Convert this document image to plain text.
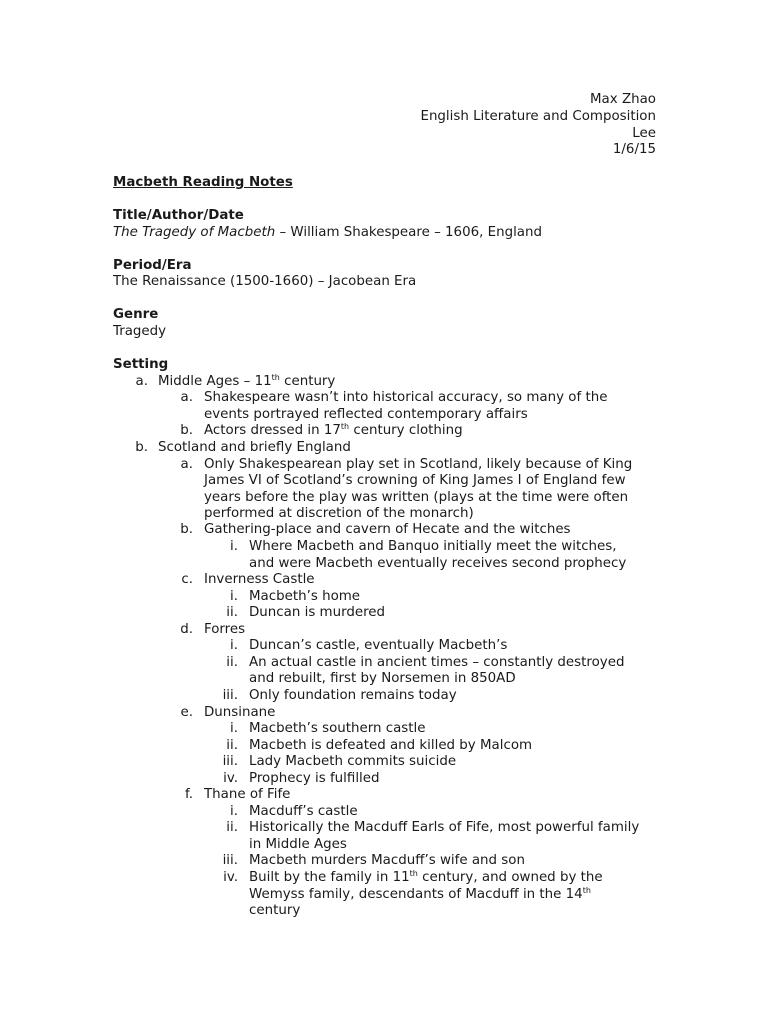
Max Zhao
English Literature and Composition
Lee
1/6/15
Macbeth Reading Notes
Title/Author/Date
The Tragedy of Macbeth – William Shakespeare – 1606, England
Period/Era
The Renaissance (1500-1660) – Jacobean Era
Genre
Tragedy
Setting
a. Middle Ages – 11th century
a. Shakespeare wasn’t into historical accuracy, so many of the
events portrayed reflected contemporary affairs
b. Actors dressed in 17th century clothing
b. Scotland and briefly England
a. Only Shakespearean play set in Scotland, likely because of King
James VI of Scotland’s crowning of King James I of England few
years before the play was written (plays at the time were often
performed at discretion of the monarch)
b. Gathering-place and cavern of Hecate and the witches
i. Where Macbeth and Banquo initially meet the witches,
and were Macbeth eventually receives second prophecy
c. Inverness Castle
i. Macbeth’s home
ii. Duncan is murdered
d. Forres
i. Duncan’s castle, eventually Macbeth’s
ii. An actual castle in ancient times – constantly destroyed
and rebuilt, first by Norsemen in 850AD
iii. Only foundation remains today
e. Dunsinane
i. Macbeth’s southern castle
ii. Macbeth is defeated and killed by Malcom
iii. Lady Macbeth commits suicide
iv. Prophecy is fulfilled
f. Thane of Fife
i. Macduff’s castle
ii. Historically the Macduff Earls of Fife, most powerful family
in Middle Ages
iii. Macbeth murders Macduff’s wife and son
iv. Built by the family in 11th century, and owned by the
Wemyss family, descendants of Macduff in the 14th
century
